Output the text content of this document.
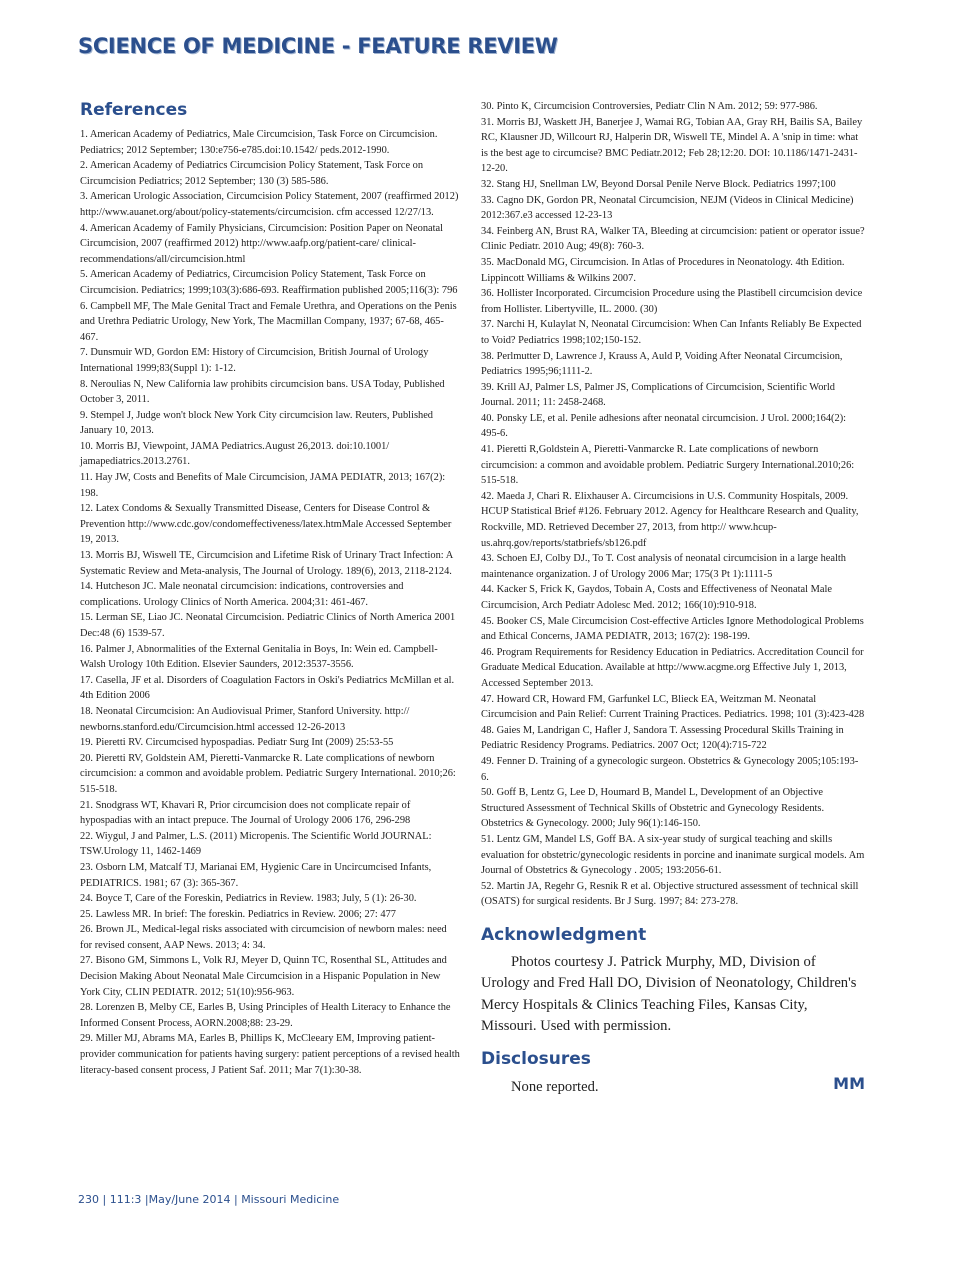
SCIENCE OF MEDICINE - FEATURE REVIEW
References
1. American Academy of Pediatrics, Male Circumcision, Task Force on Circumcision. Pediatrics; 2012 September; 130:e756-e785.doi:10.1542/ peds.2012-1990.
2. American Academy of Pediatrics Circumcision Policy Statement, Task Force on Circumcision Pediatrics; 2012 September; 130 (3) 585-586.
3. American Urologic Association, Circumcision Policy Statement, 2007 (reaffirmed 2012) http://www.auanet.org/about/policy-statements/circumcision. cfm accessed 12/27/13.
4. American Academy of Family Physicians, Circumcision: Position Paper on Neonatal Circumcision, 2007 (reaffirmed 2012) http://www.aafp.org/patient-care/ clinical-recommendations/all/circumcision.html
5. American Academy of Pediatrics, Circumcision Policy Statement, Task Force on Circumcision. Pediatrics; 1999;103(3):686-693. Reaffirmation published 2005;116(3): 796
6. Campbell MF, The Male Genital Tract and Female Urethra, and Operations on the Penis and Urethra Pediatric Urology, New York, The Macmillan Company, 1937; 67-68, 465-467.
7. Dunsmuir WD, Gordon EM: History of Circumcision, British Journal of Urology International 1999;83(Suppl 1): 1-12.
8. Neroulias N, New California law prohibits circumcision bans. USA Today, Published October 3, 2011.
9. Stempel J, Judge won't block New York City circumcision law. Reuters, Published January 10, 2013.
10. Morris BJ, Viewpoint, JAMA Pediatrics.August 26,2013. doi:10.1001/ jamapediatrics.2013.2761.
11. Hay JW, Costs and Benefits of Male Circumcision, JAMA PEDIATR, 2013; 167(2): 198.
12. Latex Condoms & Sexually Transmitted Disease, Centers for Disease Control & Prevention http://www.cdc.gov/condomeffectiveness/latex.htmMale Accessed September 19, 2013.
13. Morris BJ, Wiswell TE, Circumcision and Lifetime Risk of Urinary Tract Infection: A Systematic Review and Meta-analysis, The Journal of Urology. 189(6), 2013, 2118-2124.
14. Hutcheson JC. Male neonatal circumcision: indications, controversies and complications. Urology Clinics of North America. 2004;31: 461-467.
15. Lerman SE, Liao JC. Neonatal Circumcision. Pediatric Clinics of North America 2001 Dec:48 (6) 1539-57.
16. Palmer J, Abnormalities of the External Genitalia in Boys, In: Wein ed. Campbell-Walsh Urology 10th Edition. Elsevier Saunders, 2012:3537-3556.
17. Casella, JF et al. Disorders of Coagulation Factors in Oski's Pediatrics McMillan et al. 4th Edition 2006
18. Neonatal Circumcision: An Audiovisual Primer, Stanford University. http:// newborns.stanford.edu/Circumcision.html accessed 12-26-2013
19. Pieretti RV. Circumcised hypospadias. Pediatr Surg Int (2009) 25:53-55
20. Pieretti RV, Goldstein AM, Pieretti-Vanmarcke R. Late complications of newborn circumcision: a common and avoidable problem. Pediatric Surgery International. 2010;26: 515-518.
21. Snodgrass WT, Khavari R, Prior circumcision does not complicate repair of hypospadias with an intact prepuce. The Journal of Urology 2006 176, 296-298
22. Wiygul, J and Palmer, L.S. (2011) Micropenis. The Scientific World JOURNAL: TSW.Urology 11, 1462-1469
23. Osborn LM, Matcalf TJ, Marianai EM, Hygienic Care in Uncircumcised Infants, PEDIATRICS. 1981; 67 (3): 365-367.
24. Boyce T, Care of the Foreskin, Pediatrics in Review. 1983; July, 5 (1): 26-30.
25. Lawless MR. In brief: The foreskin. Pediatrics in Review. 2006; 27: 477
26. Brown JL, Medical-legal risks associated with circumcision of newborn males: need for revised consent, AAP News. 2013; 4: 34.
27. Bisono GM, Simmons L, Volk RJ, Meyer D, Quinn TC, Rosenthal SL, Attitudes and Decision Making About Neonatal Male Circumcision in a Hispanic Population in New York City, CLIN PEDIATR. 2012; 51(10):956-963.
28. Lorenzen B, Melby CE, Earles B, Using Principles of Health Literacy to Enhance the Informed Consent Process, AORN.2008;88: 23-29.
29. Miller MJ, Abrams MA, Earles B, Phillips K, McCleeary EM, Improving patient-provider communication for patients having surgery: patient perceptions of a revised health literacy-based consent process, J Patient Saf. 2011; Mar 7(1):30-38.
30. Pinto K, Circumcision Controversies, Pediatr Clin N Am. 2012; 59: 977-986.
31. Morris BJ, Waskett JH, Banerjee J, Wamai RG, Tobian AA, Gray RH, Bailis SA, Bailey RC, Klausner JD, Willcourt RJ, Halperin DR, Wiswell TE, Mindel A. A 'snip in time: what is the best age to circumcise? BMC Pediatr.2012; Feb 28;12:20. DOI: 10.1186/1471-2431-12-20.
32. Stang HJ, Snellman LW, Beyond Dorsal Penile Nerve Block. Pediatrics 1997;100
33. Cagno DK, Gordon PR, Neonatal Circumcision, NEJM (Videos in Clinical Medicine) 2012:367.e3 accessed 12-23-13
34. Feinberg AN, Brust RA, Walker TA, Bleeding at circumcision: patient or operator issue? Clinic Pediatr. 2010 Aug; 49(8): 760-3.
35. MacDonald MG, Circumcision. In Atlas of Procedures in Neonatology. 4th Edition. Lippincott Williams & Wilkins 2007.
36. Hollister Incorporated. Circumcision Procedure using the Plastibell circumcision device from Hollister. Libertyville, IL. 2000. (30)
37. Narchi H, Kulaylat N, Neonatal Circumcision: When Can Infants Reliably Be Expected to Void? Pediatrics 1998;102;150-152.
38. Perlmutter D, Lawrence J, Krauss A, Auld P, Voiding After Neonatal Circumcision, Pediatrics 1995;96;1111-2.
39. Krill AJ, Palmer LS, Palmer JS, Complications of Circumcision, Scientific World Journal. 2011; 11: 2458-2468.
40. Ponsky LE, et al. Penile adhesions after neonatal circumcision. J Urol. 2000;164(2): 495-6.
41. Pieretti R,Goldstein A, Pieretti-Vanmarcke R. Late complications of newborn circumcision: a common and avoidable problem. Pediatric Surgery International.2010;26: 515-518.
42. Maeda J, Chari R. Elixhauser A. Circumcisions in U.S. Community Hospitals, 2009. HCUP Statistical Brief #126. February 2012. Agency for Healthcare Research and Quality, Rockville, MD. Retrieved December 27, 2013, from http:// www.hcup-us.ahrq.gov/reports/statbriefs/sb126.pdf
43. Schoen EJ, Colby DJ., To T. Cost analysis of neonatal circumcision in a large health maintenance organization. J of Urology 2006 Mar; 175(3 Pt 1):1111-5
44. Kacker S, Frick K, Gaydos, Tobain A, Costs and Effectiveness of Neonatal Male Circumcision, Arch Pediatr Adolesc Med. 2012; 166(10):910-918.
45. Booker CS, Male Circumcision Cost-effective Articles Ignore Methodological Problems and Ethical Concerns, JAMA PEDIATR, 2013; 167(2): 198-199.
46. Program Requirements for Residency Education in Pediatrics. Accreditation Council for Graduate Medical Education. Available at http://www.acgme.org Effective July 1, 2013, Accessed September 2013.
47. Howard CR, Howard FM, Garfunkel LC, Blieck EA, Weitzman M. Neonatal Circumcision and Pain Relief: Current Training Practices. Pediatrics. 1998; 101 (3):423-428
48. Gaies M, Landrigan C, Hafler J, Sandora T. Assessing Procedural Skills Training in Pediatric Residency Programs. Pediatrics. 2007 Oct; 120(4):715-722
49. Fenner D. Training of a gynecologic surgeon. Obstetrics & Gynecology 2005;105:193-6.
50. Goff B, Lentz G, Lee D, Houmard B, Mandel L, Development of an Objective Structured Assessment of Technical Skills of Obstetric and Gynecology Residents. Obstetrics & Gynecology. 2000; July 96(1):146-150.
51. Lentz GM, Mandel LS, Goff BA. A six-year study of surgical teaching and skills evaluation for obstetric/gynecologic residents in porcine and inanimate surgical models. Am Journal of Obstetrics & Gynecology . 2005; 193:2056-61.
52. Martin JA, Regehr G, Resnik R et al. Objective structured assessment of technical skill (OSATS) for surgical residents. Br J Surg. 1997; 84: 273-278.
Acknowledgment

Photos courtesy J. Patrick Murphy, MD, Division of Urology and Fred Hall DO, Division of Neonatology, Children's Mercy Hospitals & Clinics Teaching Files, Kansas City, Missouri. Used with permission.

Disclosures
None reported.	MM
230 | 111:3 |May/June 2014 | Missouri Medicine
